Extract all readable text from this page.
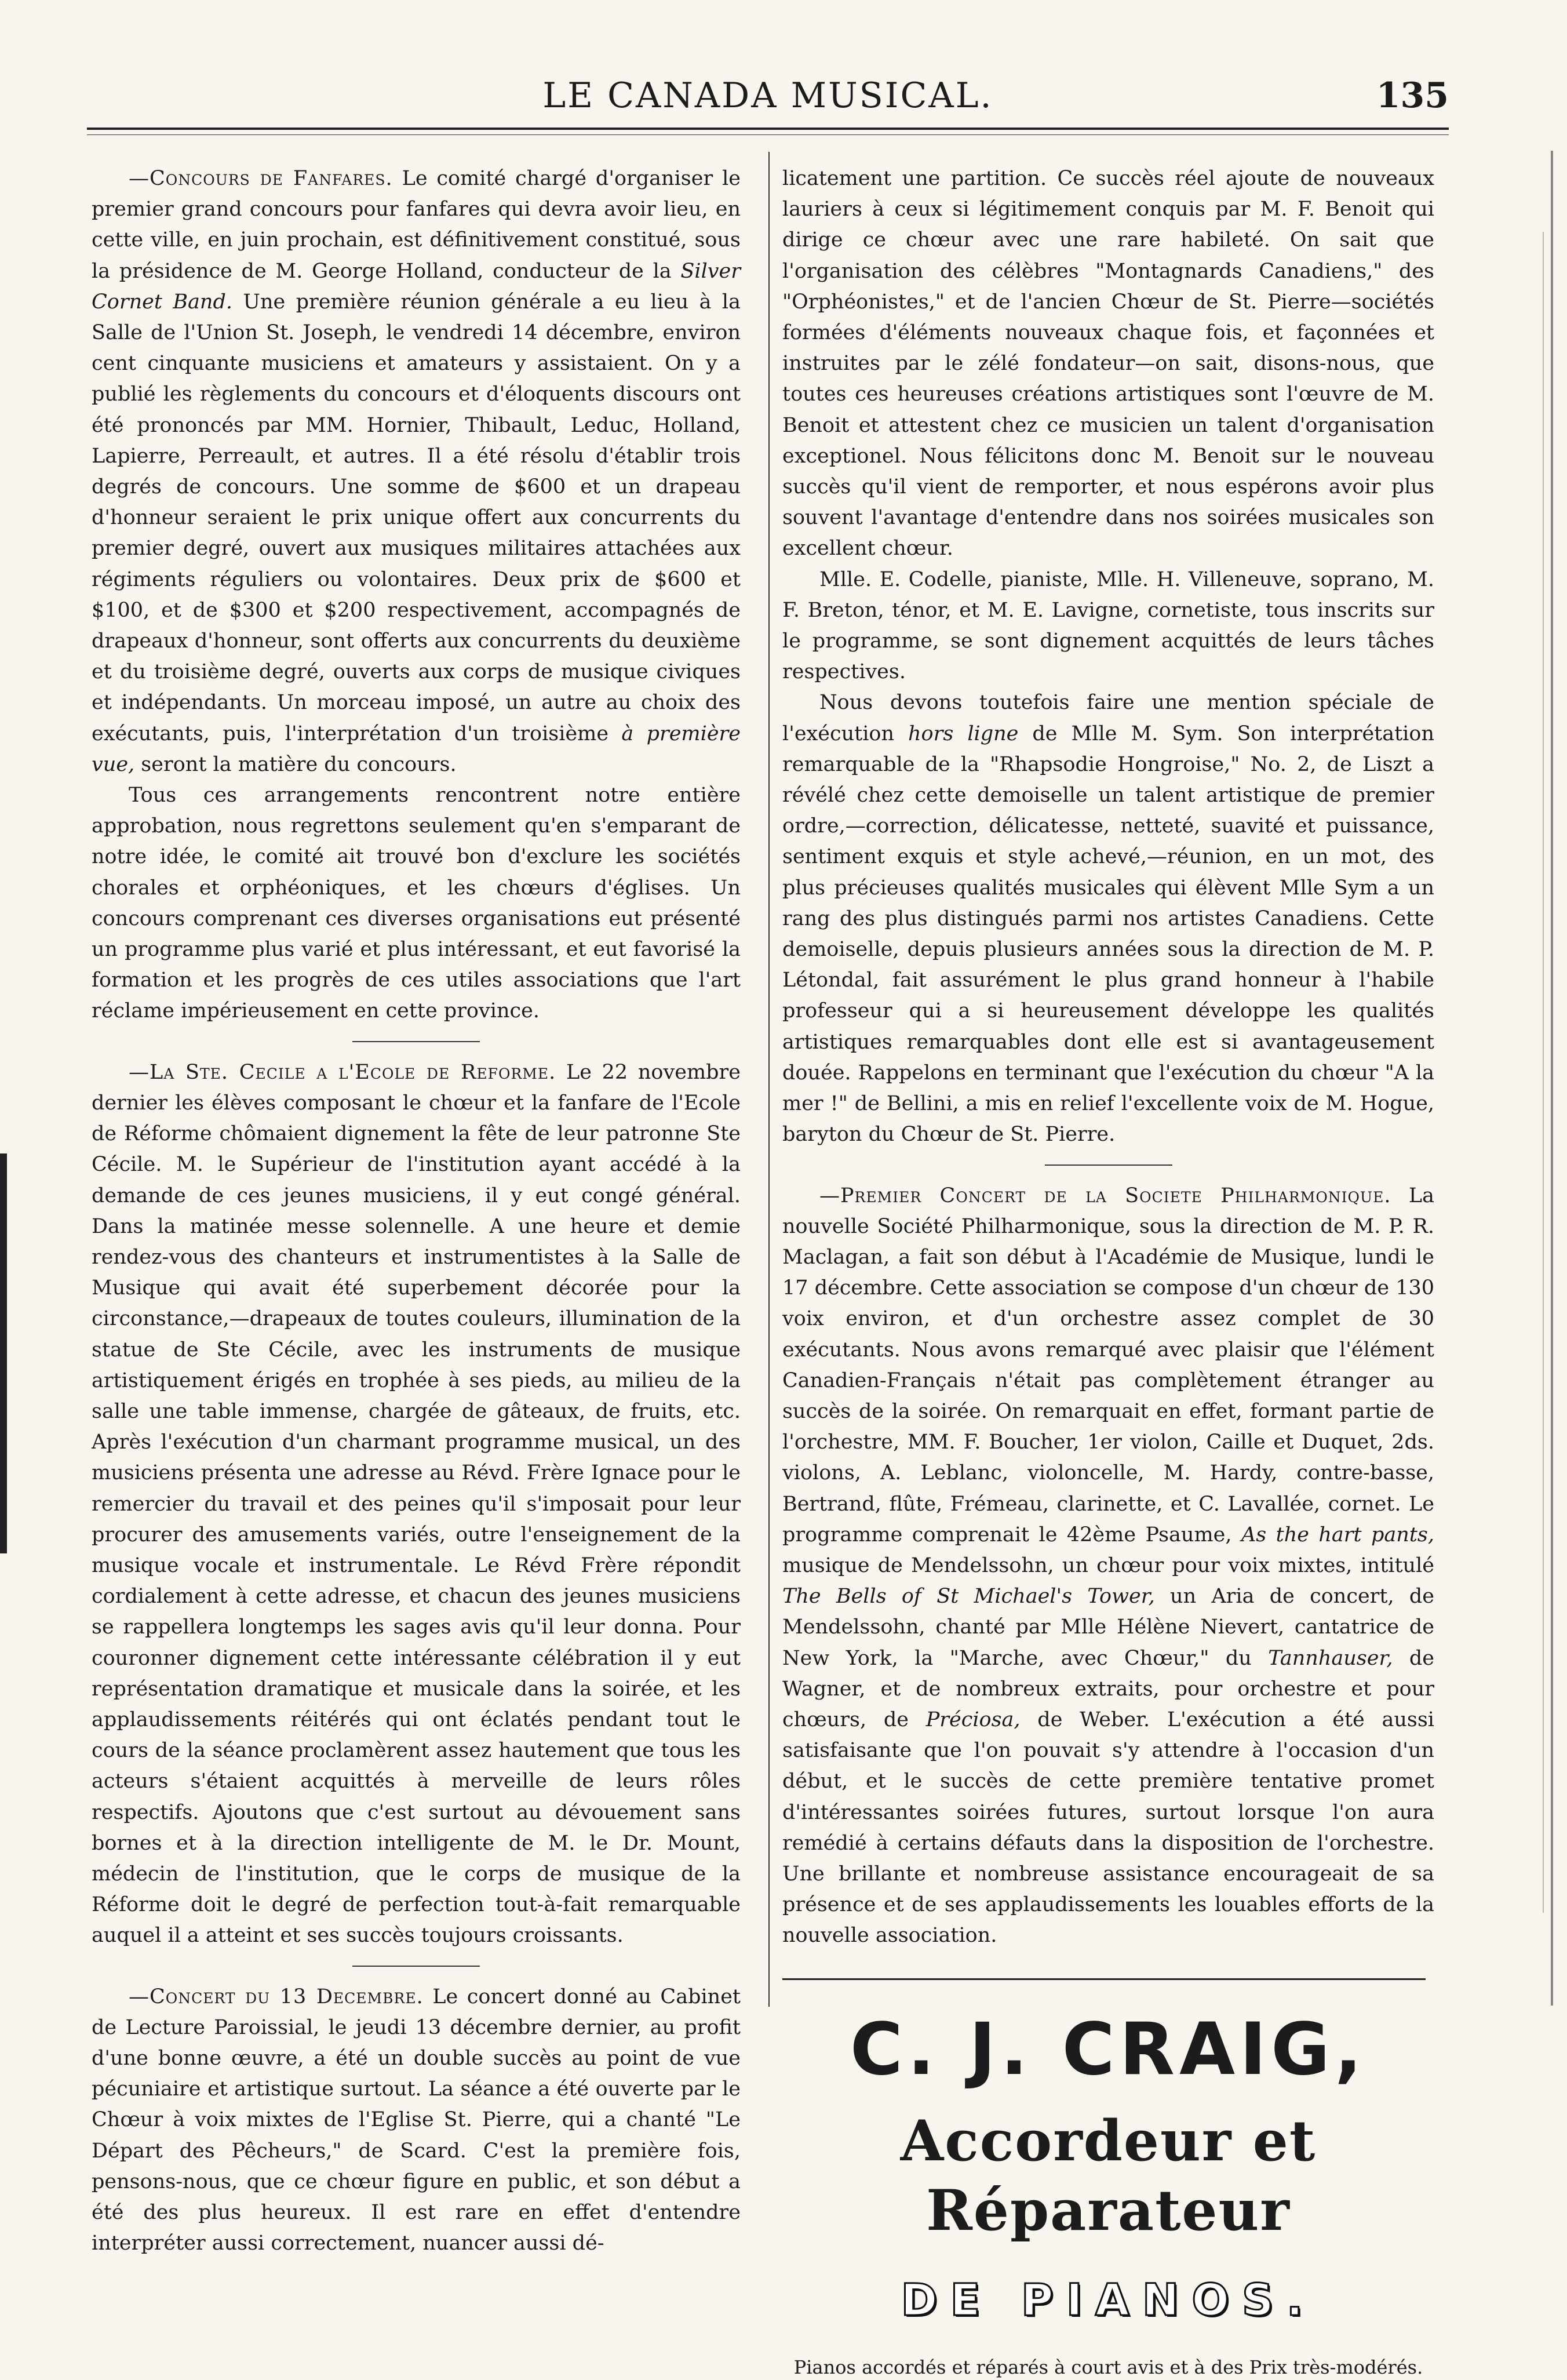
LE CANADA MUSICAL.	135

—Concours de Fanfares. Le comité chargé d'organiser le premier grand concours pour fanfares qui devra avoir lieu, en cette ville, en juin prochain, est définitivement constitué, sous la présidence de M. George Holland, conducteur de la Silver Cornet Band. Une première réunion générale a eu lieu à la Salle de l'Union St. Joseph, le vendredi 14 décembre, environ cent cinquante musiciens et amateurs y assistaient. On y a publié les règlements du concours et d'éloquents discours ont été prononcés par MM. Hornier, Thibault, Leduc, Holland, Lapierre, Perreault, et autres. Il a été résolu d'établir trois degrés de concours. Une somme de $600 et un drapeau d'honneur seraient le prix unique offert aux concurrents du premier degré, ouvert aux musiques militaires attachées aux régiments réguliers ou volontaires. Deux prix de $600 et $100, et de $300 et $200 respectivement, accompagnés de drapeaux d'honneur, sont offerts aux concurrents du deuxième et du troisième degré, ouverts aux corps de musique civiques et indépendants. Un morceau imposé, un autre au choix des exécutants, puis, l'interprétation d'un troisième à première vue, seront la matière du concours.

Tous ces arrangements rencontrent notre entière approbation, nous regrettons seulement qu'en s'emparant de notre idée, le comité ait trouvé bon d'exclure les sociétés chorales et orphéoniques, et les chœurs d'églises. Un concours comprenant ces diverses organisations eut présenté un programme plus varié et plus intéressant, et eut favorisé la formation et les progrès de ces utiles associations que l'art réclame impérieusement en cette province.

—La Ste. Cecile a l'Ecole de Reforme. Le 22 novembre dernier les élèves composant le chœur et la fanfare de l'Ecole de Réforme chômaient dignement la fête de leur patronne Ste Cécile. M. le Supérieur de l'institution ayant accédé à la demande de ces jeunes musiciens, il y eut congé général. Dans la matinée messe solennelle. A une heure et demie rendez-vous des chanteurs et instrumentistes à la Salle de Musique qui avait été superbement décorée pour la circonstance,—drapeaux de toutes couleurs, illumination de la statue de Ste Cécile, avec les instruments de musique artistiquement érigés en trophée à ses pieds, au milieu de la salle une table immense, chargée de gâteaux, de fruits, etc. Après l'exécution d'un charmant programme musical, un des musiciens présenta une adresse au Révd. Frère Ignace pour le remercier du travail et des peines qu'il s'imposait pour leur procurer des amusements variés, outre l'enseignement de la musique vocale et instrumentale. Le Révd Frère répondit cordialement à cette adresse, et chacun des jeunes musiciens se rappellera longtemps les sages avis qu'il leur donna. Pour couronner dignement cette intéressante célébration il y eut représentation dramatique et musicale dans la soirée, et les applaudissements réitérés qui ont éclatés pendant tout le cours de la séance proclamèrent assez hautement que tous les acteurs s'étaient acquittés à merveille de leurs rôles respectifs. Ajoutons que c'est surtout au dévouement sans bornes et à la direction intelligente de M. le Dr. Mount, médecin de l'institution, que le corps de musique de la Réforme doit le degré de perfection tout-à-fait remarquable auquel il a atteint et ses succès toujours croissants.

—Concert du 13 Decembre. Le concert donné au Cabinet de Lecture Paroissial, le jeudi 13 décembre dernier, au profit d'une bonne œuvre, a été un double succès au point de vue pécuniaire et artistique surtout. La séance a été ouverte par le Chœur à voix mixtes de l'Eglise St. Pierre, qui a chanté "Le Départ des Pêcheurs," de Scard. C'est la première fois, pensons-nous, que ce chœur figure en public, et son début a été des plus heureux. Il est rare en effet d'entendre interpréter aussi correctement, nuancer aussi dé-

licatement une partition. Ce succès réel ajoute de nouveaux lauriers à ceux si légitimement conquis par M. F. Benoit qui dirige ce chœur avec une rare habileté. On sait que l'organisation des célèbres "Montagnards Canadiens," des "Orphéonistes," et de l'ancien Chœur de St. Pierre—sociétés formées d'éléments nouveaux chaque fois, et façonnées et instruites par le zélé fondateur—on sait, disons-nous, que toutes ces heureuses créations artistiques sont l'œuvre de M. Benoit et attestent chez ce musicien un talent d'organisation exceptionel. Nous félicitons donc M. Benoit sur le nouveau succès qu'il vient de remporter, et nous espérons avoir plus souvent l'avantage d'entendre dans nos soirées musicales son excellent chœur.

Mlle. E. Codelle, pianiste, Mlle. H. Villeneuve, soprano, M. F. Breton, ténor, et M. E. Lavigne, cornetiste, tous inscrits sur le programme, se sont dignement acquittés de leurs tâches respectives.

Nous devons toutefois faire une mention spéciale de l'exécution hors ligne de Mlle M. Sym. Son interprétation remarquable de la "Rhapsodie Hongroise," No. 2, de Liszt a révélé chez cette demoiselle un talent artistique de premier ordre,—correction, délicatesse, netteté, suavité et puissance, sentiment exquis et style achevé,—réunion, en un mot, des plus précieuses qualités musicales qui élèvent Mlle Sym a un rang des plus distingués parmi nos artistes Canadiens. Cette demoiselle, depuis plusieurs années sous la direction de M. P. Létondal, fait assurément le plus grand honneur à l'habile professeur qui a si heureusement développe les qualités artistiques remarquables dont elle est si avantageusement douée. Rappelons en terminant que l'exécution du chœur "A la mer !" de Bellini, a mis en relief l'excellente voix de M. Hogue, baryton du Chœur de St. Pierre.

—Premier Concert de la Societe Philharmonique. La nouvelle Société Philharmonique, sous la direction de M. P. R. Maclagan, a fait son début à l'Académie de Musique, lundi le 17 décembre. Cette association se compose d'un chœur de 130 voix environ, et d'un orchestre assez complet de 30 exécutants. Nous avons remarqué avec plaisir que l'élément Canadien-Français n'était pas complètement étranger au succès de la soirée. On remarquait en effet, formant partie de l'orchestre, MM. F. Boucher, 1er violon, Caille et Duquet, 2ds. violons, A. Leblanc, violoncelle, M. Hardy, contre-basse, Bertrand, flûte, Frémeau, clarinette, et C. Lavallée, cornet. Le programme comprenait le 42ème Psaume, As the hart pants, musique de Mendelssohn, un chœur pour voix mixtes, intitulé The Bells of St Michael's Tower, un Aria de concert, de Mendelssohn, chanté par Mlle Hélène Nievert, cantatrice de New York, la "Marche, avec Chœur," du Tannhauser, de Wagner, et de nombreux extraits, pour orchestre et pour chœurs, de Préciosa, de Weber. L'exécution a été aussi satisfaisante que l'on pouvait s'y attendre à l'occasion d'un début, et le succès de cette première tentative promet d'intéressantes soirées futures, surtout lorsque l'on aura remédié à certains défauts dans la disposition de l'orchestre. Une brillante et nombreuse assistance encourageait de sa présence et de ses applaudissements les louables efforts de la nouvelle association.

C. J. CRAIG,
Accordeur et Réparateur
DE PIANOS.
Pianos accordés et réparés à court avis et à des Prix très-modérés.
